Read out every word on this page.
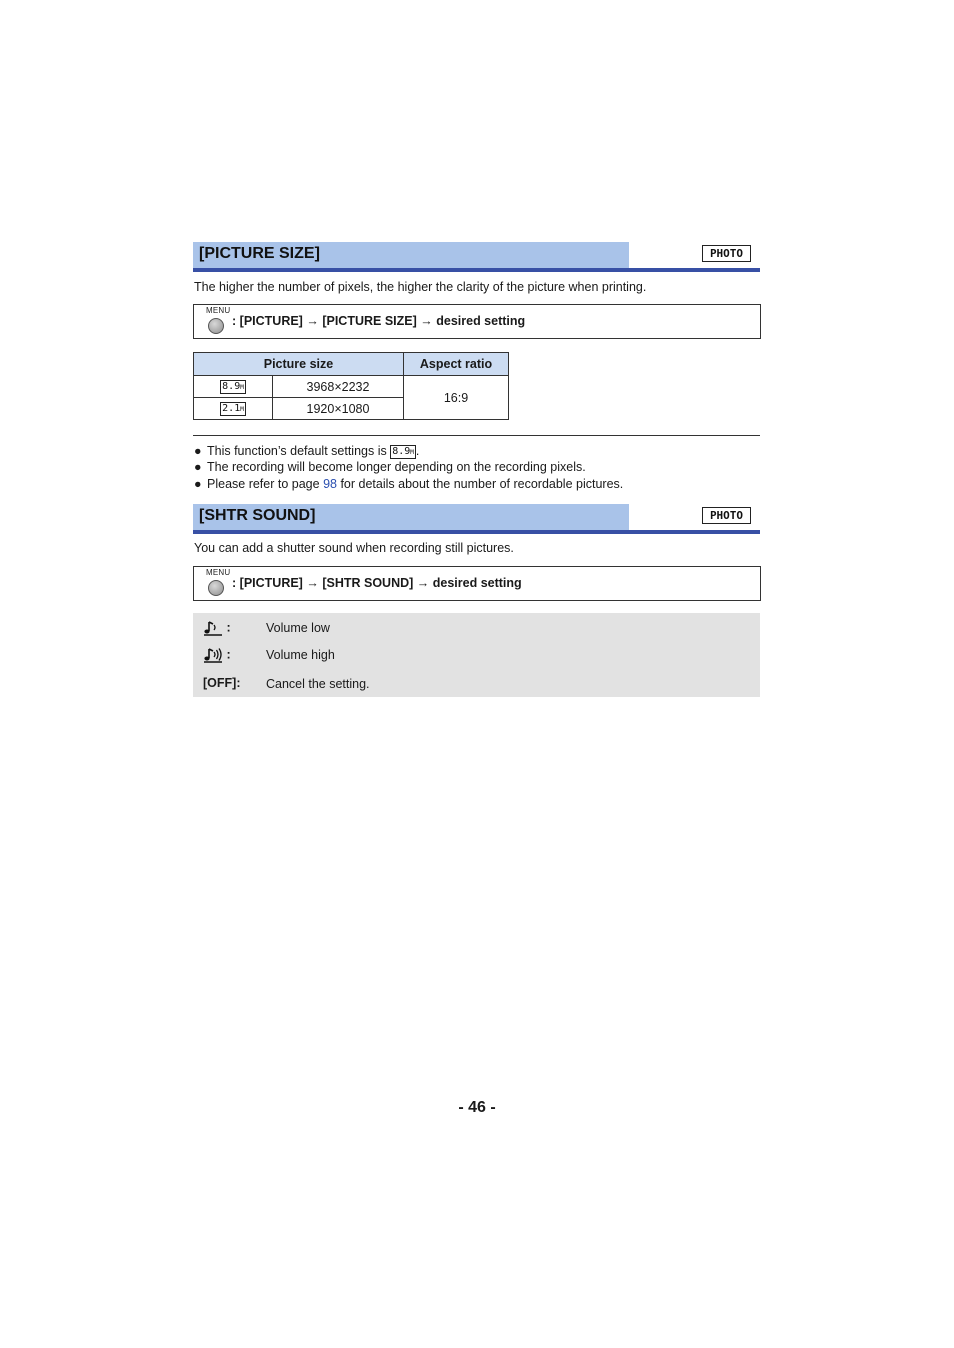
[PICTURE SIZE]	PHOTO
The higher the number of pixels, the higher the clarity of the picture when printing.
MENU
: [PICTURE] → [PICTURE SIZE] → desired setting
Picture size		Aspect ratio
8.9M	3968×2232	16:9
2.1M	1920×1080	
● This function’s default settings is 8.9M .
● The recording will become longer depending on the recording pixels.
● Please refer to page 98 for details about the number of recordable pictures.
[SHTR SOUND]	PHOTO
You can add a shutter sound when recording still pictures.
MENU
: [PICTURE] → [SHTR SOUND] → desired setting
:	Volume low
:	Volume high
[OFF]: Cancel the setting.
- 46 -
